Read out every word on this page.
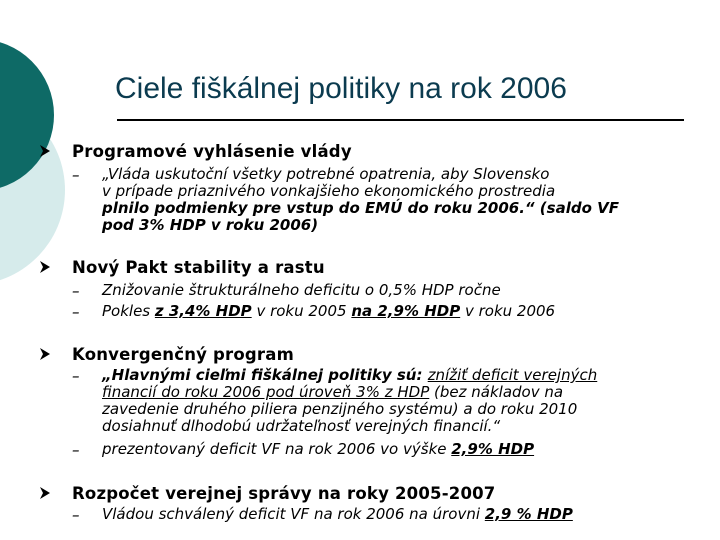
Ciele fiškálnej politiky na rok 2006
Programové vyhlásenie vlády
– „Vláda uskutoční všetky potrebné opatrenia, aby Slovensko
v prípade priaznivého vonkajšieho ekonomického prostredia
plnilo podmienky pre vstup do EMÚ do roku 2006.“ (saldo VF
pod 3% HDP v roku 2006)
Nový Pakt stability a rastu
– Znižovanie štrukturálneho deficitu o 0,5% HDP ročne
– Pokles z 3,4% HDP v roku 2005 na 2,9% HDP v roku 2006
Konvergenčný program
– „Hlavnými cieľmi fiškálnej politiky sú: znížiť deficit verejných
financií do roku 2006 pod úroveň 3% z HDP (bez nákladov na
zavedenie druhého piliera penzijného systému) a do roku 2010
dosiahnuť dlhodobú udržateľnosť verejných financií.“
– prezentovaný deficit VF na rok 2006 vo výške 2,9% HDP
Rozpočet verejnej správy na roky 2005-2007
– Vládou schválený deficit VF na rok 2006 na úrovni 2,9 % HDP
